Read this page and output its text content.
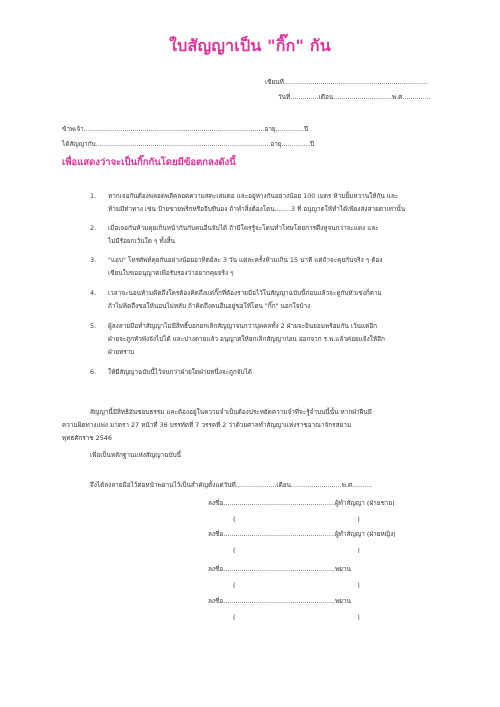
ใบสัญญาเป็น "กิ๊ก" กัน
เขียนที่.......................................................................
วันที่..............เดือน.............................พ.ศ..............
ข้าพเจ้า.........................................................................................อายุ..............ปี
ได้สัญญากับ......................................................................................อายุ..............ปี
เพื่อแสดงว่าจะเป็นกิ๊กกันโดยมีข้อตกลงดังนี้
1. หากเจอกันต้องพลอดพลีคลอดความสตะเสมตอ และอยู่ห่างกันอย่างน้อย 100 เมตร ห้ามยิ้มหวานให้กัน และ
ห้ามมีท่าทาง เช่น ป้ายขายพริกหรือจีบทีนอง ถ้าทำสิ่งต้องโดน........3 ที่ อนุญาตให้ทำได้เพียงส่งสายตาเท่านั้น
2. เมื่อเจอกันห้ามคุยเกินหน้ากันกับคนอื่นจับได้ ถ้ามีใครรู้จะโดนทำโทษโดยการดึงหูจนกว่าจะแดง และ
ไม่มีร้อยกเว้นใด ๆ ทั้งสิ้น
3. "แอบ" โทรศัพท์คุยกันอย่างน้อยอาทิตย์ละ 3 วัน แต่ละครั้งห้ามเกิน 15 นาที แต่ถ้าจะคุยกันจริง ๆ ต้อง
เขียนใบขออนุญาตเพื่อรับรองว่าอยากคุยจริง ๆ
4. เวลาจะนอนห้ามคิดถึงใครต้องคิดถึงแต่กิ๊กที่ต้องรายมือไว้ในสัญญาฉบับนี้ก่อนแล้วจะดูกับหัวเข่งก็ตาม
ถ้าไม่คิดถึงขอให้นอนไม่หลับ ถ้าคิดถึงคนอื่นอยู่ขอให้โดน "กิ๊ก" นอกใจบ้าง
5. ผู้ลงลายมือทำสัญญาไม่มีสิทธิ์บอกยกเลิกสัญญาจนกว่าบุคคลทั้ง 2 ฝ่ายจะยินยอมพร้อมกัน เว้นแต่อีก
ฝ่ายจะถูกหัวพังจังไปได้ และปางตายแล้ว อนุญาตให้ยกเลิกสัญญาก่อน ออกจาก ร.พ.แล้วค่อยแจ้งให้อีก
ฝ่ายทราบ
6. ให้มีสัญญาฉบับนี้ไว้จนกว่าฝ่ายใดฝ่ายหนึ่งจะถูกจับได้
สัญญานี้มีสิทธิอันชอบธรรม และต้องอยู่ในความจำเป็นต้องประหยัดความจำที่จะรู้จำบนนี้นั้น หากฝ่าฝืนมี
ความผิดทางแพ่ง มาตรา 27 หน้าที่ 36 บรรทัดที่ 7 วรรคที่ 2 ว่าด้วยศาลทำสัญญาแห่งราชอาณาจักรสยาม
พุทธศักราช 2546
เพื่อเป็นหลักฐานแห่งสัญญาฉบับนี้
จึงได้ลงลายมือไว้ต่อหน้าพยานไว้เป็นสำคัญตั้งแต่วันที่....................เดือน.........................พ.ศ..........
ลงชื่อ.......................................................ผู้ทำสัญญา (ฝ่ายชาย)
(                                                            )
ลงชื่อ.......................................................ผู้ทำสัญญา (ฝ่ายหญิง)
(                                                            )
ลงชื่อ.......................................................พยาน
(                                                            )
ลงชื่อ.......................................................พยาน
(                                                            )
